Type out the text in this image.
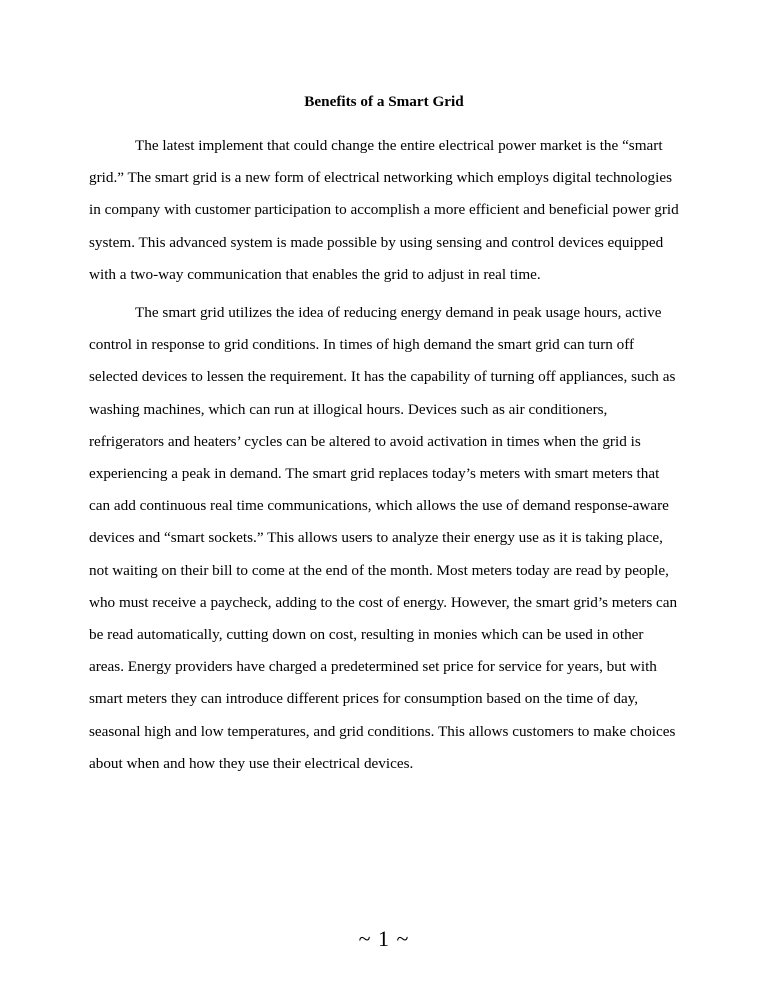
Benefits of a Smart Grid

The latest implement that could change the entire electrical power market is the “smart grid.” The smart grid is a new form of electrical networking which employs digital technologies in company with customer participation to accomplish a more efficient and beneficial power grid system. This advanced system is made possible by using sensing and control devices equipped with a two-way communication that enables the grid to adjust in real time.

The smart grid utilizes the idea of reducing energy demand in peak usage hours, active control in response to grid conditions. In times of high demand the smart grid can turn off selected devices to lessen the requirement. It has the capability of turning off appliances, such as washing machines, which can run at illogical hours. Devices such as air conditioners, refrigerators and heaters’ cycles can be altered to avoid activation in times when the grid is experiencing a peak in demand. The smart grid replaces today’s meters with smart meters that can add continuous real time communications, which allows the use of demand response-aware devices and “smart sockets.” This allows users to analyze their energy use as it is taking place, not waiting on their bill to come at the end of the month. Most meters today are read by people, who must receive a paycheck, adding to the cost of energy. However, the smart grid’s meters can be read automatically, cutting down on cost, resulting in monies which can be used in other areas. Energy providers have charged a predetermined set price for service for years, but with smart meters they can introduce different prices for consumption based on the time of day, seasonal high and low temperatures, and grid conditions. This allows customers to make choices about when and how they use their electrical devices.

~ 1 ~
